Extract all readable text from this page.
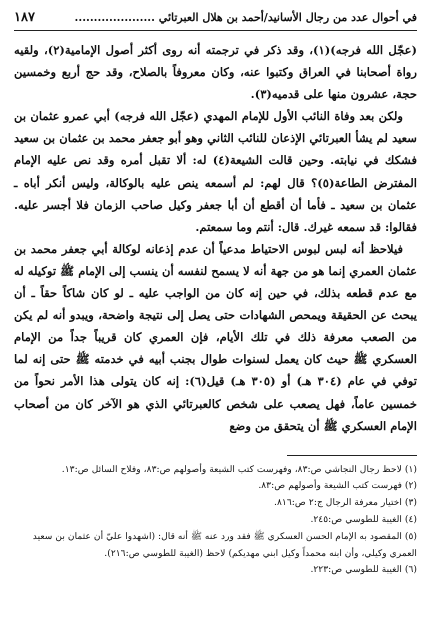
في أحوال عدد من رجال الأسانيد/أحمد بن هلال العبرتائي .....................
١٨٧

(عجّل الله فرجه)(١)، وقد ذكر في ترجمته أنه روى أكثر أصول الإمامية(٢)، ولقيه رواة أصحابنا في العراق وكتبوا عنه، وكان معروفاً بالصلاح، وقد حج أربع وخمسين حجة، عشرون منها على قدميه(٣).

ولكن بعد وفاة النائب الأول للإمام المهدي (عجّل الله فرجه) أبي عمرو عثمان بن سعيد لم يشأ العبرتائي الإذعان للنائب الثاني وهو أبو جعفر محمد بن عثمان بن سعيد فشكك في نيابته. وحين قالت الشيعة(٤) له: ألا تقبل أمره وقد نص عليه الإمام المفترض الطاعة(٥)؟ قال لهم: لم أسمعه ينص عليه بالوكالة، وليس أنكر أباه ـ عثمان بن سعيد ـ فأما أن أقطع أن أبا جعفر وكيل صاحب الزمان فلا أجسر عليه. فقالوا: قد سمعه غيرك. قال: أنتم وما سمعتم.

فيلاحظ أنه لبس لبوس الاحتياط مدعياً أن عدم إذعانه لوكالة أبي جعفر محمد بن عثمان العمري إنما هو من جهة أنه لا يسمح لنفسه أن ينسب إلى الإمام ﷺ توكيله له مع عدم قطعه بذلك، في حين إنه كان من الواجب عليه ـ لو كان شاكاً حقاً ـ أن يبحث عن الحقيقة ويمحص الشهادات حتى يصل إلى نتيجة واضحة، ويبدو أنه لم يكن من الصعب معرفة ذلك في تلك الأيام، فإن العمري كان قريباً جداً من الإمام العسكري ﷺ حيث كان يعمل لسنوات طوال بجنب أبيه في خدمته ﷺ حتى إنه لما توفي في عام (٣٠٤ هـ) أو (٣٠٥ هـ) قيل(٦): إنه كان يتولى هذا الأمر نحواً من خمسين عاماً، فهل يصعب على شخص كالعبرتائي الذي هو الآخر كان من أصحاب الإمام العسكري ﷺ أن يتحقق من وضع

(١) لاحظ رجال النجاشي ص:٨٣، وفهرست كتب الشيعة وأصولهم ص:٨٣، وفلاح السائل ص:١٣.

(٢) فهرست كتب الشيعة وأصولهم ص:٨٣.

(٣) اختيار معرفة الرجال ج:٢ ص:٨١٦.

(٤) الغيبة للطوسي ص:٢٤٥.

(٥) المقصود به الإمام الحسن العسكري ﷺ فقد ورد عنه ﷺ أنه قال: (اشهدوا عليّ أن عثمان بن سعيد العمري وكيلي، وأن ابنه محمداً وكيل ابني مهديكم) لاحظ (الغيبة للطوسي ص:٢١٦).

(٦) الغيبة للطوسي ص:٢٢٣.
